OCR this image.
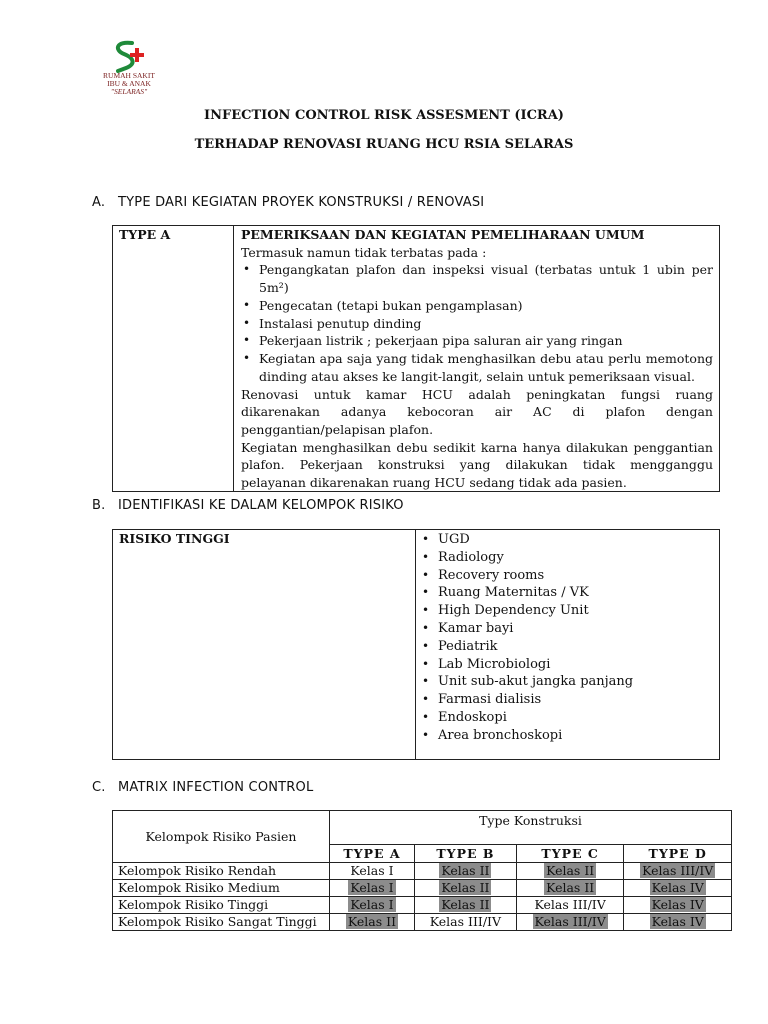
RUMAH SAKIT
IBU & ANAK
"SELARAS"
INFECTION CONTROL RISK ASSESMENT (ICRA)
TERHADAP RENOVASI RUANG HCU RSIA SELARAS
A. TYPE DARI KEGIATAN PROYEK KONSTRUKSI / RENOVASI
TYPE A	PEMERIKSAAN DAN KEGIATAN PEMELIHARAAN UMUM
Termasuk namun tidak terbatas pada :
• Pengangkatan plafon dan inspeksi visual (terbatas untuk 1 ubin per 5m²)
• Pengecatan (tetapi bukan pengamplasan)
• Instalasi penutup dinding
• Pekerjaan listrik ; pekerjaan pipa saluran air yang ringan
• Kegiatan apa saja yang tidak menghasilkan debu atau perlu memotong dinding atau akses ke langit-langit, selain untuk pemeriksaan visual.
Renovasi untuk kamar HCU adalah peningkatan fungsi ruang dikarenakan adanya kebocoran air AC di plafon dengan penggantian/pelapisan plafon.
Kegiatan menghasilkan debu sedikit karna hanya dilakukan penggantian plafon. Pekerjaan konstruksi yang dilakukan tidak mengganggu pelayanan dikarenakan ruang HCU sedang tidak ada pasien.
B. IDENTIFIKASI KE DALAM KELOMPOK RISIKO
RISIKO TINGGI	
•UGD
• Radiology
• Recovery rooms
• Ruang Maternitas / VK
• High Dependency Unit
• Kamar bayi
• Pediatrik
• Lab Microbiologi
• Unit sub-akut jangka panjang
• Farmasi dialisis
• Endoskopi
• Area bronchoskopi
C. MATRIX INFECTION CONTROL
Kelompok Risiko Pasien	Type Konstruksi			
	TYPE A	TYPE B	TYPE C	TYPE D
Kelompok Risiko Rendah	Kelas I	Kelas II	Kelas II	Kelas III/IV
Kelompok Risiko Medium	Kelas I	Kelas II	Kelas II	Kelas IV
Kelompok Risiko Tinggi	Kelas I	Kelas II	Kelas III/IV	Kelas IV
Kelompok Risiko Sangat Tinggi	Kelas II	Kelas III/IV	Kelas III/IV	Kelas IV
